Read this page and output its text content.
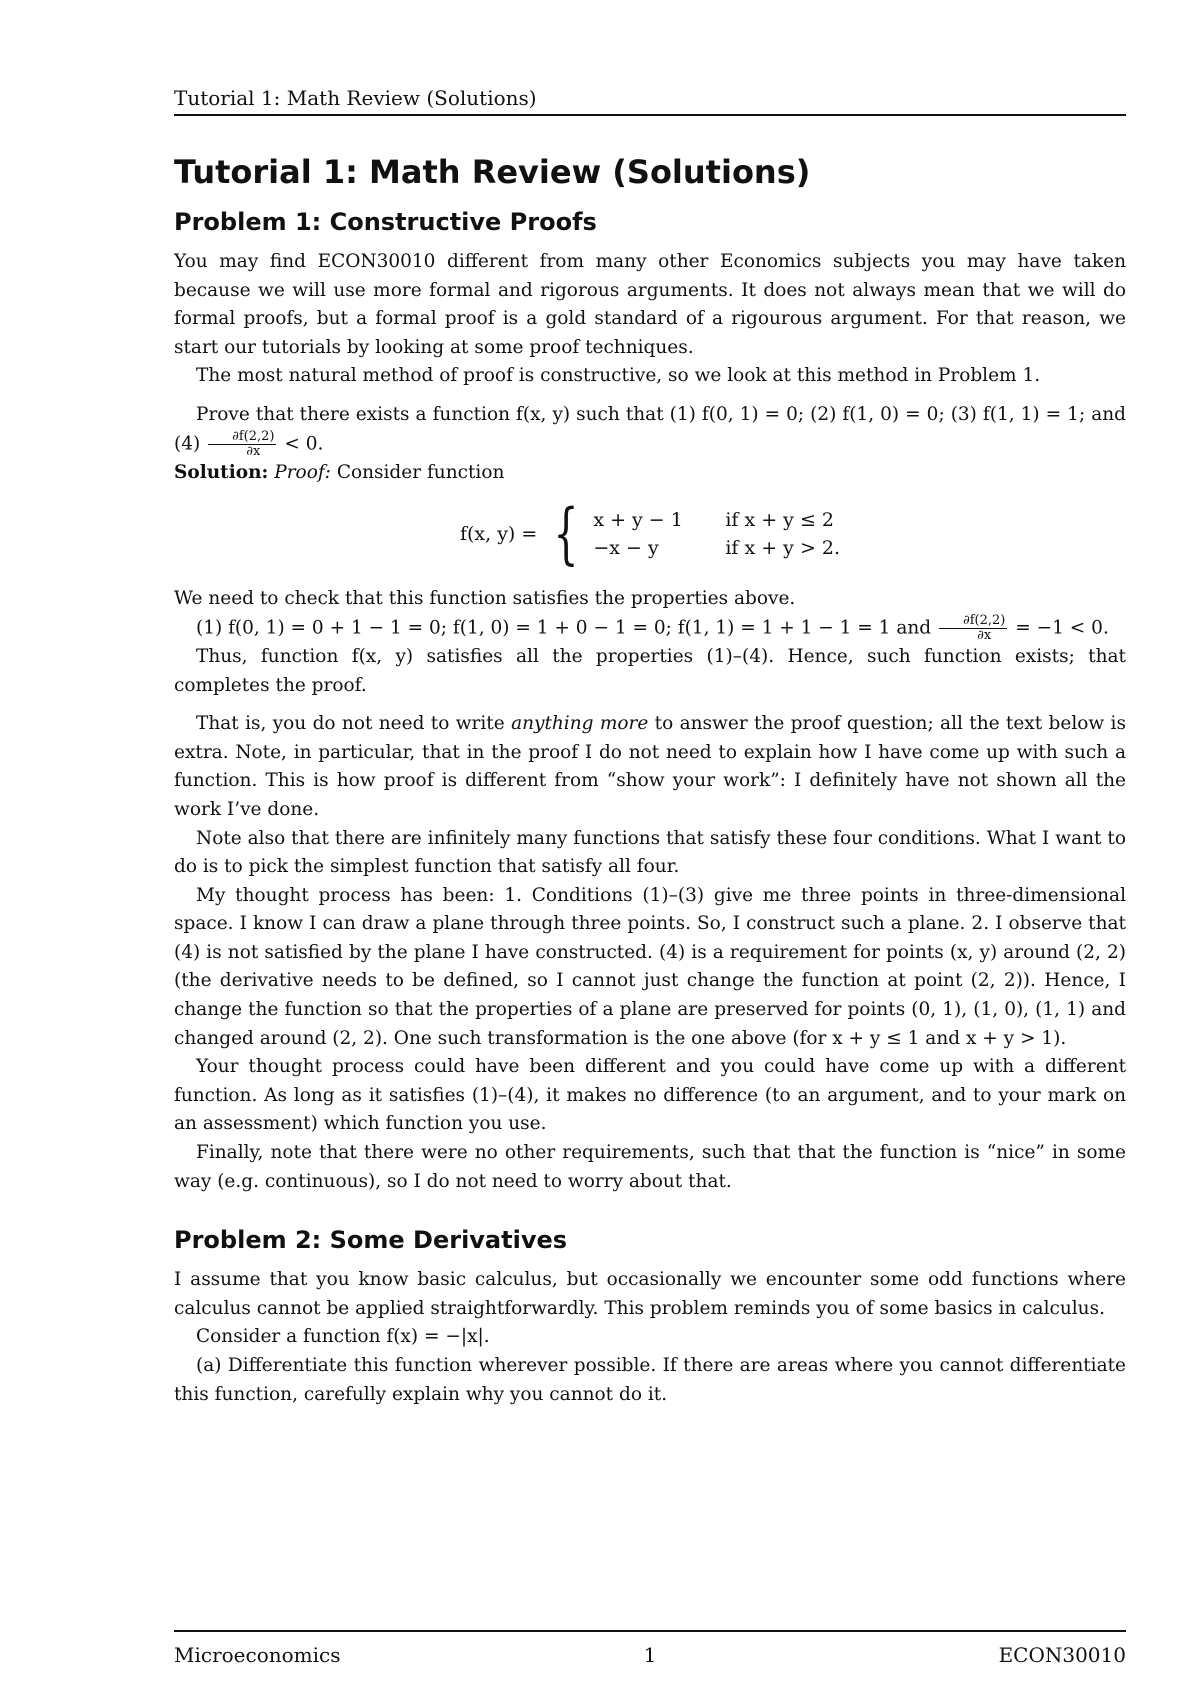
Tutorial 1: Math Review (Solutions)
Tutorial 1: Math Review (Solutions)
Problem 1: Constructive Proofs

You may find ECON30010 different from many other Economics subjects you may have taken because we will use more formal and rigorous arguments. It does not always mean that we will do formal proofs, but a formal proof is a gold standard of a rigourous argument. For that reason, we start our tutorials by looking at some proof techniques.

The most natural method of proof is constructive, so we look at this method in Problem 1.

Prove that there exists a function f(x, y) such that (1) f(0, 1) = 0; (2) f(1, 0) = 0; (3) f(1, 1) = 1; and $(4) \frac{\partial f(2,2)}{\partial x} < 0$.

Solution: Proof: Consider function

f(x, y) = { x + y − 1	if x + y ≤ 2
−x − y	if x + y > 2.

We need to check that this function satisfies the properties above.

(1) f(0, 1) = 0 + 1 − 1 = 0; f(1, 0) = 1 + 0 − 1 = 0; f(1, 1) = 1 + 1 − 1 = 1 and $\frac{\partial f(2,2)}{\partial x} = -1 < 0$.

Thus, function f(x, y) satisfies all the properties (1)–(4). Hence, such function exists; that completes the proof.

That is, you do not need to write anything more to answer the proof question; all the text below is extra. Note, in particular, that in the proof I do not need to explain how I have come up with such a function. This is how proof is different from “show your work”: I definitely have not shown all the work I’ve done.

Note also that there are infinitely many functions that satisfy these four conditions. What I want to do is to pick the simplest function that satisfy all four.

My thought process has been: 1. Conditions (1)–(3) give me three points in three-dimensional space. I know I can draw a plane through three points. So, I construct such a plane. 2. I observe that (4) is not satisfied by the plane I have constructed. (4) is a requirement for points (x, y) around (2, 2) (the derivative needs to be defined, so I cannot just change the function at point (2, 2)). Hence, I change the function so that the properties of a plane are preserved for points (0, 1), (1, 0), (1, 1) and changed around (2, 2). One such transformation is the one above (for x + y ≤ 1 and x + y > 1).

Your thought process could have been different and you could have come up with a different function. As long as it satisfies (1)–(4), it makes no difference (to an argument, and to your mark on an assessment) which function you use.

Finally, note that there were no other requirements, such that that the function is “nice” in some way (e.g. continuous), so I do not need to worry about that.

Problem 2: Some Derivatives

I assume that you know basic calculus, but occasionally we encounter some odd functions where calculus cannot be applied straightforwardly. This problem reminds you of some basics in calculus.

Consider a function f(x) = −|x|.

(a) Differentiate this function wherever possible. If there are areas where you cannot differentiate this function, carefully explain why you cannot do it.

Microeconomics	1	ECON30010
